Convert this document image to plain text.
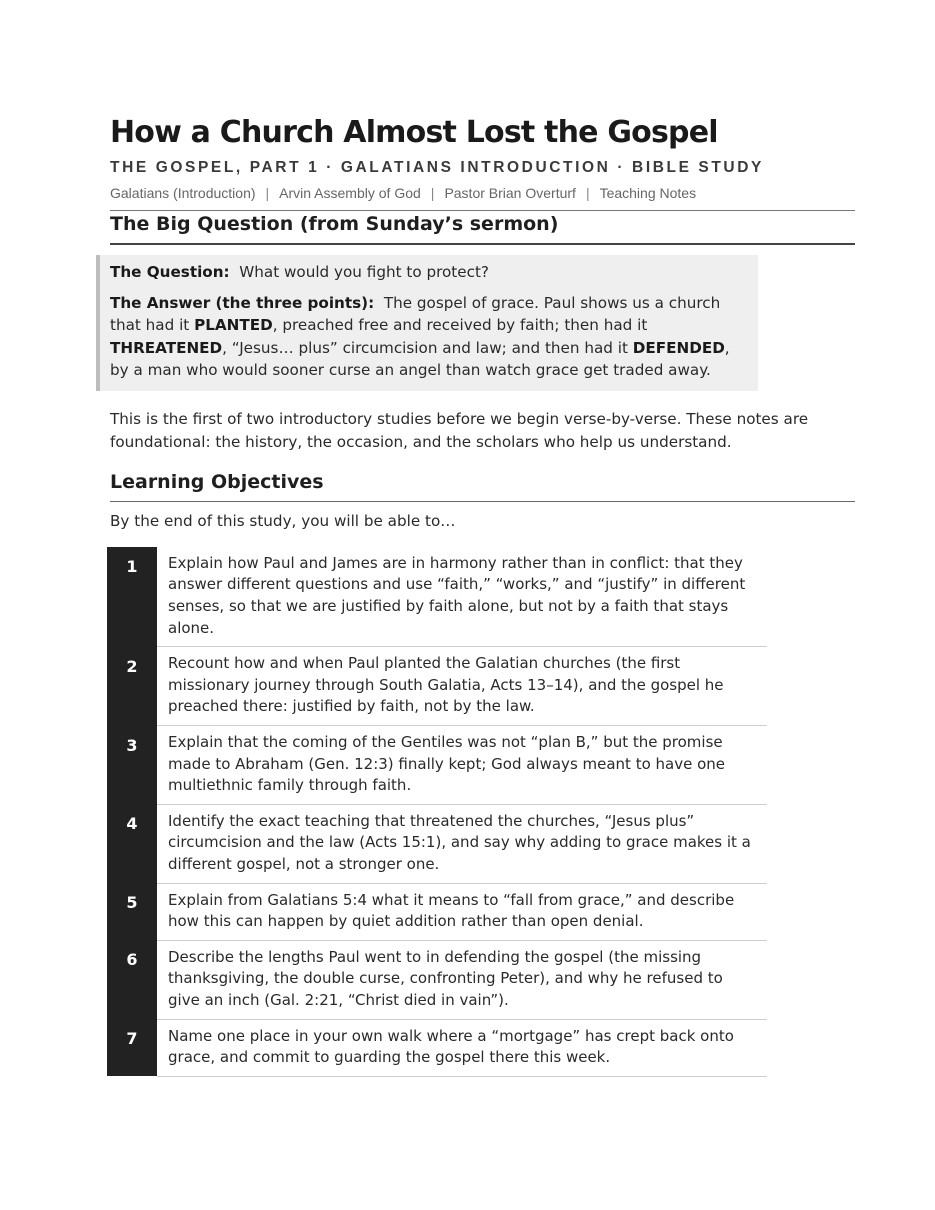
How a Church Almost Lost the Gospel
THE GOSPEL, PART 1 · GALATIANS INTRODUCTION · BIBLE STUDY
Galatians (Introduction) | Arvin Assembly of God | Pastor Brian Overturf | Teaching Notes
The Big Question (from Sunday’s sermon)

The Question: What would you fight to protect?

The Answer (the three points): The gospel of grace. Paul shows us a church that had it PLANTED, preached free and received by faith; then had it THREATENED, “Jesus… plus” circumcision and law; and then had it DEFENDED, by a man who would sooner curse an angel than watch grace get traded away.

This is the first of two introductory studies before we begin verse-by-verse. These notes are foundational: the history, the occasion, and the scholars who help us understand.

Learning Objectives

By the end of this study, you will be able to…

1	Explain how Paul and James are in harmony rather than in conflict: that they answer different questions and use “faith,” “works,” and “justify” in different senses, so that we are justified by faith alone, but not by a faith that stays alone.
2	Recount how and when Paul planted the Galatian churches (the first missionary journey through South Galatia, Acts 13–14), and the gospel he preached there: justified by faith, not by the law.
3	Explain that the coming of the Gentiles was not “plan B,” but the promise made to Abraham (Gen. 12:3) finally kept; God always meant to have one multiethnic family through faith.
4	Identify the exact teaching that threatened the churches, “Jesus plus” circumcision and the law (Acts 15:1), and say why adding to grace makes it a different gospel, not a stronger one.
5	Explain from Galatians 5:4 what it means to “fall from grace,” and describe how this can happen by quiet addition rather than open denial.
6	Describe the lengths Paul went to in defending the gospel (the missing thanksgiving, the double curse, confronting Peter), and why he refused to give an inch (Gal. 2:21, “Christ died in vain”).
7	Name one place in your own walk where a “mortgage” has crept back onto grace, and commit to guarding the gospel there this week.
